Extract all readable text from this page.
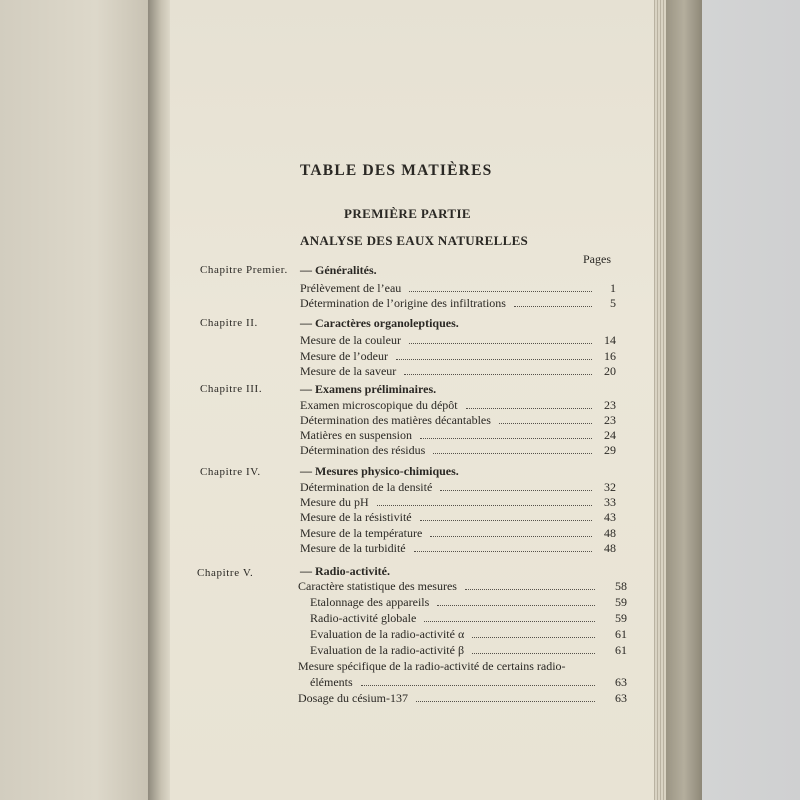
TABLE DES MATIÈRES
PREMIÈRE PARTIE
ANALYSE DES EAUX NATURELLES
Pages
Chapitre Premier. — Généralités.
Prélèvement de l’eau	1
Détermination de l’origine des infiltrations	5
Chapitre II.	— Caractères organoleptiques.
Mesure de la couleur	14
Mesure de l’odeur	16
Mesure de la saveur	20
Chapitre III.	— Examens préliminaires.
Examen microscopique du dépôt	23
Détermination des matières décantables	23
Matières en suspension	24
Détermination des résidus	29
Chapitre IV.	— Mesures physico-chimiques.
Détermination de la densité	32
Mesure du pH	33
Mesure de la résistivité	43
Mesure de la température	48
Mesure de la turbidité	48
Chapitre V.	— Radio-activité.
Caractère statistique des mesures	58
Etalonnage des appareils	59
Radio-activité globale	59
Evaluation de la radio-activité α	61
Evaluation de la radio-activité β	61
Mesure spécifique de la radio-activité de certains radio-
éléments	63
Dosage du césium-137	63
